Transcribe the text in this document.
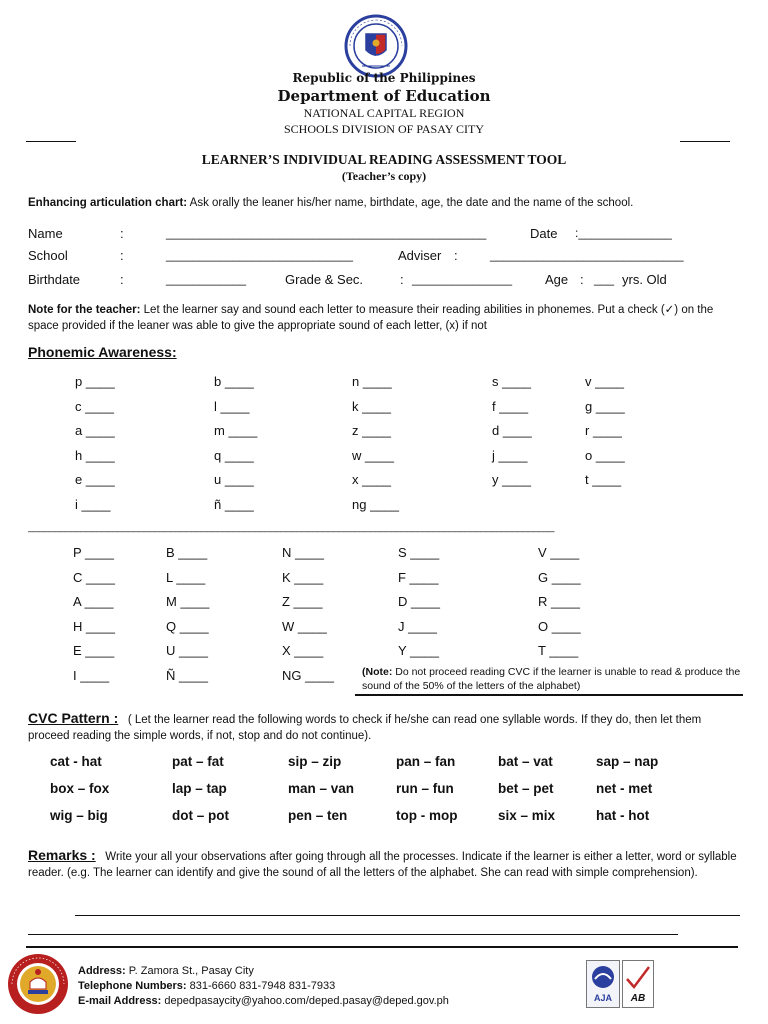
Republic of the Philippines
Department of Education
NATIONAL CAPITAL REGION
SCHOOLS DIVISION OF PASAY CITY
LEARNER’S INDIVIDUAL READING ASSESSMENT TOOL
(Teacher’s copy)
Enhancing articulation chart: Ask orally the leaner his/her name, birthdate, age, the date and the name of the school.
Name	:	________________________________________________	Date :______________
School	:	____________________________	Adviser :	_____________________________
Birthdate	:	____________	Grade & Sec.	: _______________	Age : ___ yrs. Old
Note for the teacher: Let the learner say and sound each letter to measure their reading abilities in phonemes. Put a check (✓) on the space provided if the leaner was able to give the appropriate sound of each letter, (x) if not
Phonemic Awareness:
p ____	b ____	n ____	s ____	v ____
c ____	l ____	k ____	f ____	g ____
a ____	m ____	z ____	d ____	r ____
h ____	q ____	w ____	j ____	o ____
e ____	u ____	x ____	y ____	t ____
i ____	ñ ____	ng ____
____________________________________________________________________________________________________
P ____	B ____	N ____	S ____	V ____
C ____	L ____	K ____	F ____	G ____
A ____	M ____	Z ____	D ____	R ____
H ____	Q ____	W ____	J ____	O ____
E ____	U ____	X ____	Y ____	T ____
I ____	Ñ ____	NG ____	(Note: Do not proceed reading CVC if the learner is unable to read & produce the sound of the 50% of the letters of the alphabet)
CVC Pattern : ( Let the learner read the following words to check if he/she can read one syllable words. If they do, then let them proceed reading the simple words, if not, stop and do not continue).
cat - hat	pat – fat	sip – zip	pan – fan	bat – vat	sap – nap
box – fox	lap – tap	man – van	run – fun	bet – pet	net - met
wig – big	dot – pot	pen – ten	top - mop	six – mix	hat - hot
Remarks : Write your all your observations after going through all the processes. Indicate if the learner is either a letter, word or syllable reader. (e.g. The learner can identify and give the sound of all the letters of the alphabet. She can read with simple comprehension).
Address: P. Zamora St., Pasay City
Telephone Numbers: 831-6660 831-7948 831-7933
E-mail Address: depedpasaycity@yahoo.com/deped.pasay@deped.gov.ph	AJA	AB
